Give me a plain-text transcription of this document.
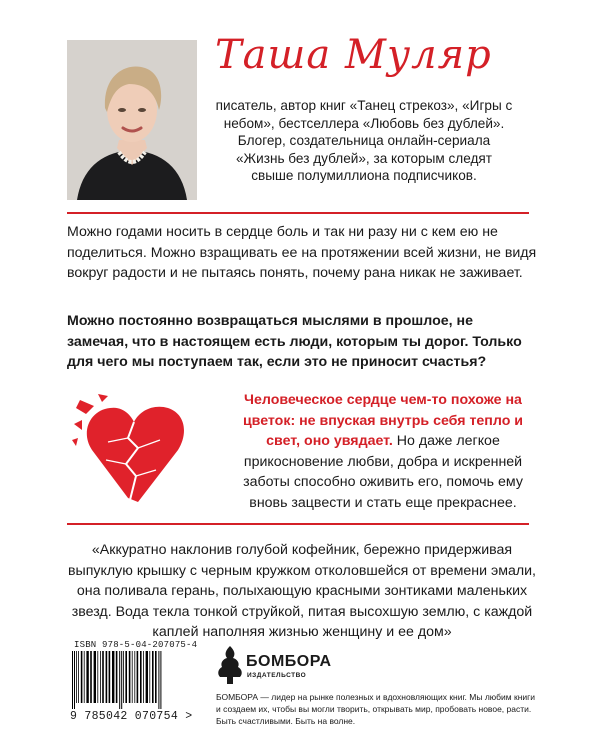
Таша Муляр
писатель, автор книг «Танец стрекоз», «Игры с небом», бестселлера «Любовь без дублей». Блогер, создательница онлайн-сериала «Жизнь без дублей», за которым следят свыше полумиллиона подписчиков.
Можно годами носить в сердце боль и так ни разу ни с кем ею не поделиться. Можно взращивать ее на протяжении всей жизни, не видя вокруг радости и не пытаясь понять, почему рана никак не заживает.
Можно постоянно возвращаться мыслями в прошлое, не замечая, что в настоящем есть люди, которым ты дорог. Только для чего мы поступаем так, если это не приносит счастья?
Человеческое сердце чем-то похоже на цветок: не впуская внутрь себя тепло и свет, оно увядает. Но даже легкое прикосновение любви, добра и искренней заботы способно оживить его, помочь ему вновь зацвести и стать еще прекраснее.
«Аккуратно наклонив голубой кофейник, бережно придерживая выпуклую крышку с черным кружком отколовшейся от времени эмали, она поливала герань, полыхающую красными зонтиками маленьких звезд. Вода текла тонкой струйкой, питая высохшую землю, с каждой каплей наполняя жизнью женщину и ее дом»
ISBN 978-5-04-207075-4
9 785042 070754 >
БОМБОРА
ИЗДАТЕЛЬСТВО
БОМБОРА — лидер на рынке полезных и вдохновляющих книг. Мы любим книги и создаем их, чтобы вы могли творить, открывать мир, пробовать новое, расти. Быть счастливыми. Быть на волне.
